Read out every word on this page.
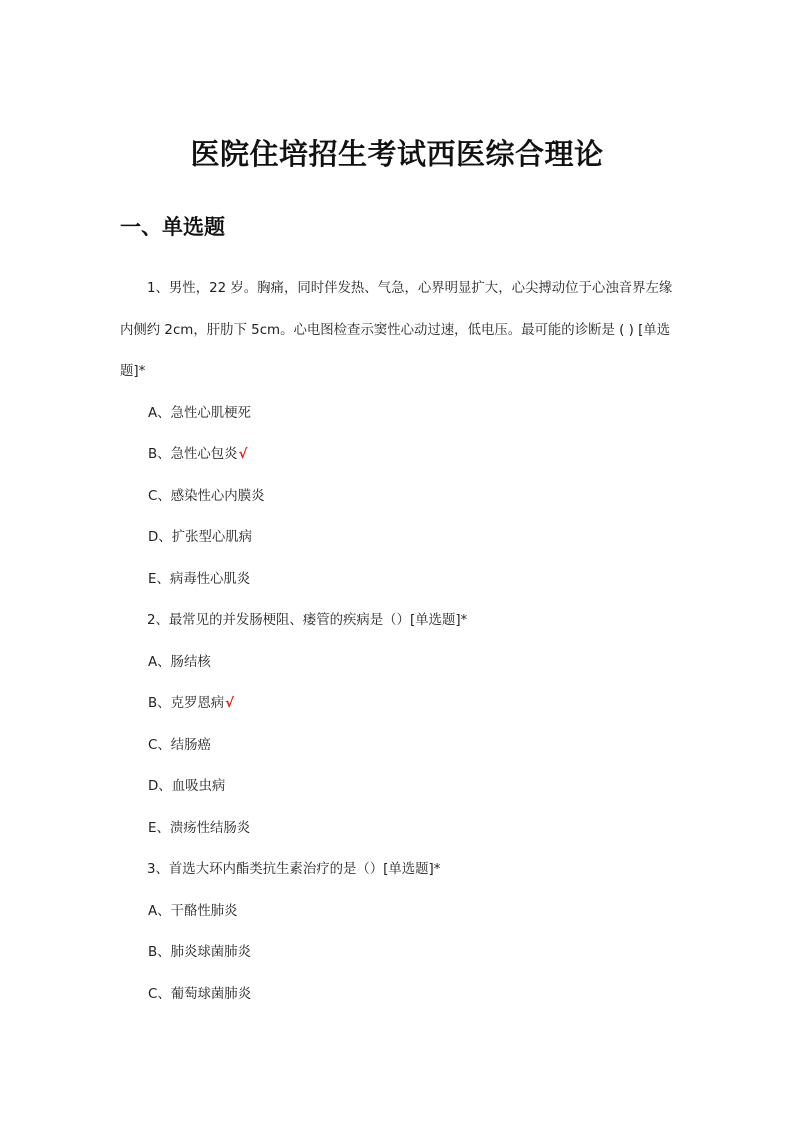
医院住培招生考试西医综合理论
一、单选题

1、男性，22 岁。胸痛，同时伴发热、气急，心界明显扩大，心尖搏动位于心浊音界左缘内侧约 2cm，肝肋下 5cm。心电图检查示窦性心动过速，低电压。最可能的诊断是 ( ) [单选题]*

A、急性心肌梗死

B、急性心包炎√

C、感染性心内膜炎

D、扩张型心肌病

E、病毒性心肌炎

2、最常见的并发肠梗阻、瘘管的疾病是（）[单选题]*

A、肠结核

B、克罗恩病√

C、结肠癌

D、血吸虫病

E、溃疡性结肠炎

3、首选大环内酯类抗生素治疗的是（）[单选题]*

A、干酪性肺炎

B、肺炎球菌肺炎

C、葡萄球菌肺炎
